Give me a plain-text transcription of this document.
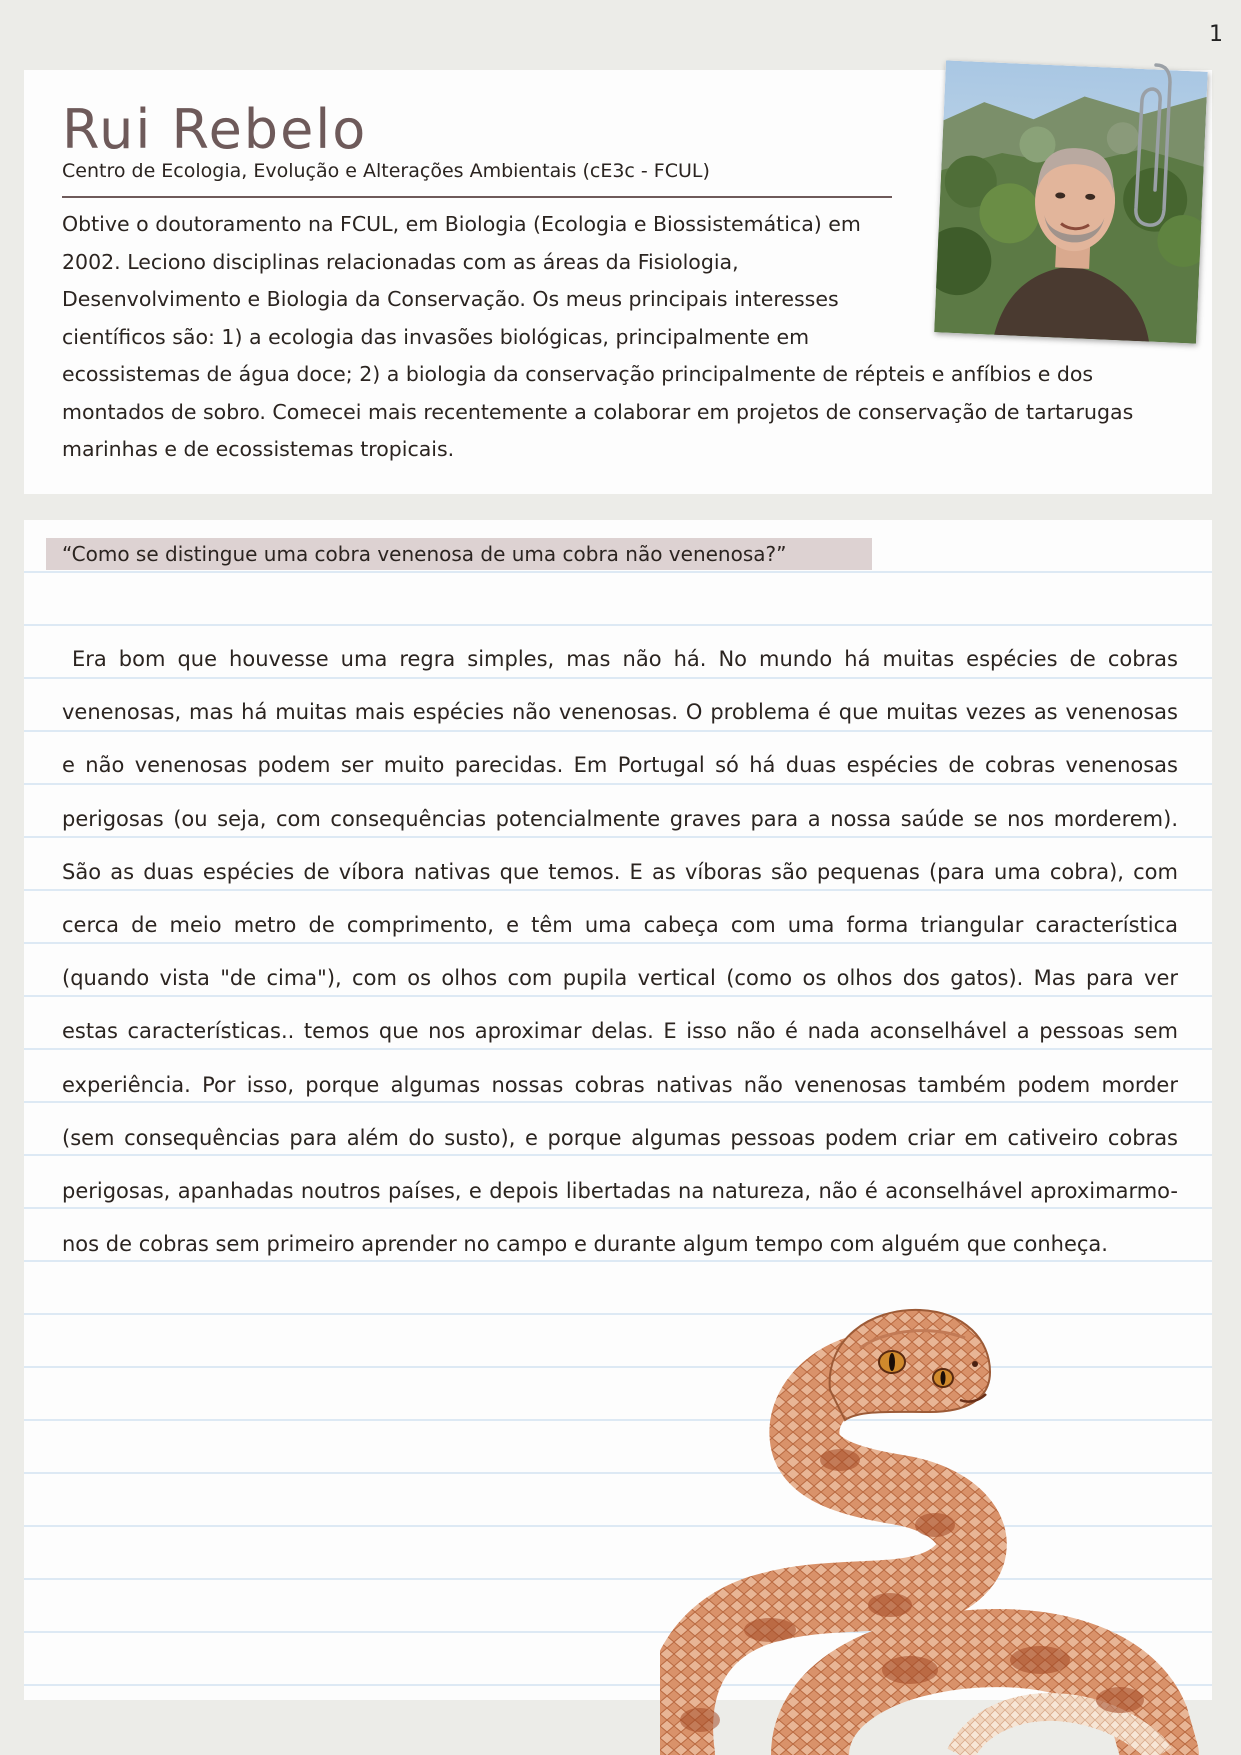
1
Rui Rebelo

Centro de Ecologia, Evolução e Alterações Ambientais (cE3c - FCUL)

Obtive o doutoramento na FCUL, em Biologia (Ecologia e Biossistemática) em 2002. Leciono disciplinas relacionadas com as áreas da Fisiologia, Desenvolvimento e Biologia da Conservação. Os meus principais interesses científicos são: 1) a ecologia das invasões biológicas, principalmente em ecossistemas de água doce; 2) a biologia da conservação principalmente de répteis e anfíbios e dos montados de sobro. Comecei mais recentemente a colaborar em projetos de conservação de tartarugas marinhas e de ecossistemas tropicais.
“Como se distingue uma cobra venenosa de uma cobra não venenosa?”

Era bom que houvesse uma regra simples, mas não há. No mundo há muitas espécies de cobras venenosas, mas há muitas mais espécies não venenosas. O problema é que muitas vezes as venenosas e não venenosas podem ser muito parecidas. Em Portugal só há duas espécies de cobras venenosas perigosas (ou seja, com consequências potencialmente graves para a nossa saúde se nos morderem). São as duas espécies de víbora nativas que temos. E as víboras são pequenas (para uma cobra), com cerca de meio metro de comprimento, e têm uma cabeça com uma forma triangular característica (quando vista "de cima"), com os olhos com pupila vertical (como os olhos dos gatos). Mas para ver estas características.. temos que nos aproximar delas. E isso não é nada aconselhável a pessoas sem experiência. Por isso, porque algumas nossas cobras nativas não venenosas também podem morder (sem consequências para além do susto), e porque algumas pessoas podem criar em cativeiro cobras perigosas, apanhadas noutros países, e depois libertadas na natureza, não é aconselhável aproximarmo-nos de cobras sem primeiro aprender no campo e durante algum tempo com alguém que conheça.
